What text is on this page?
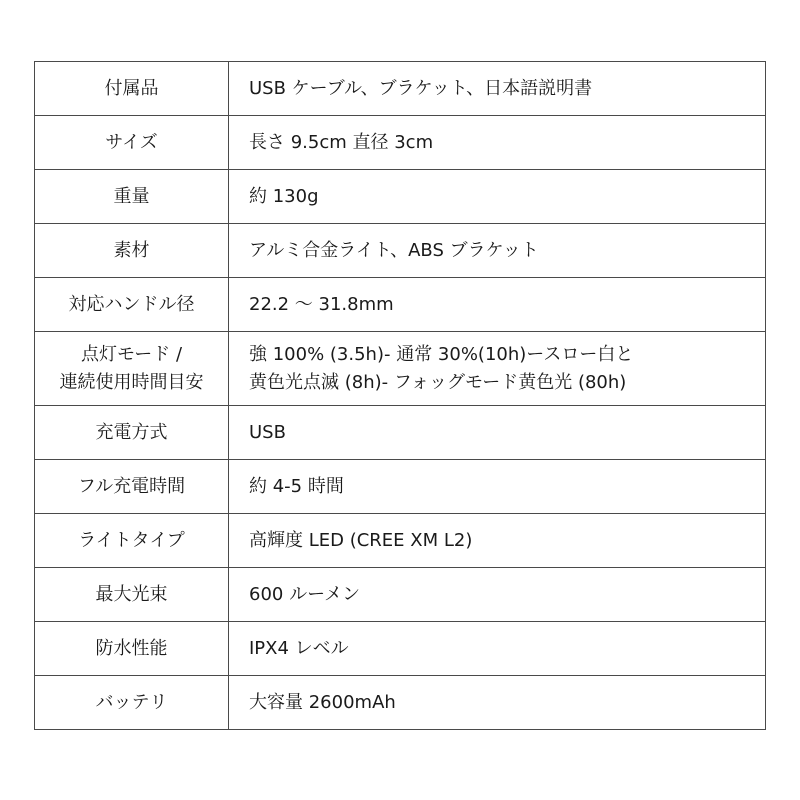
付属品	USB ケーブル、ブラケット、日本語説明書

サイズ	長さ 9.5cm 直径 3cm

重量	約 130g

素材	アルミ合金ライト、ABS ブラケット

対応ハンドル径	22.2 ～ 31.8mm

点灯モード /
連続使用時間目安	強 100% (3.5h)- 通常 30%(10h)ースロー白と
黄色光点滅 (8h)- フォッグモード黄色光 (80h)

充電方式	USB

フル充電時間	約 4-5 時間

ライトタイプ	高輝度 LED (CREE XM L2)

最大光束	600 ルーメン

防水性能	IPX4 レベル

バッテリ	大容量 2600mAh
